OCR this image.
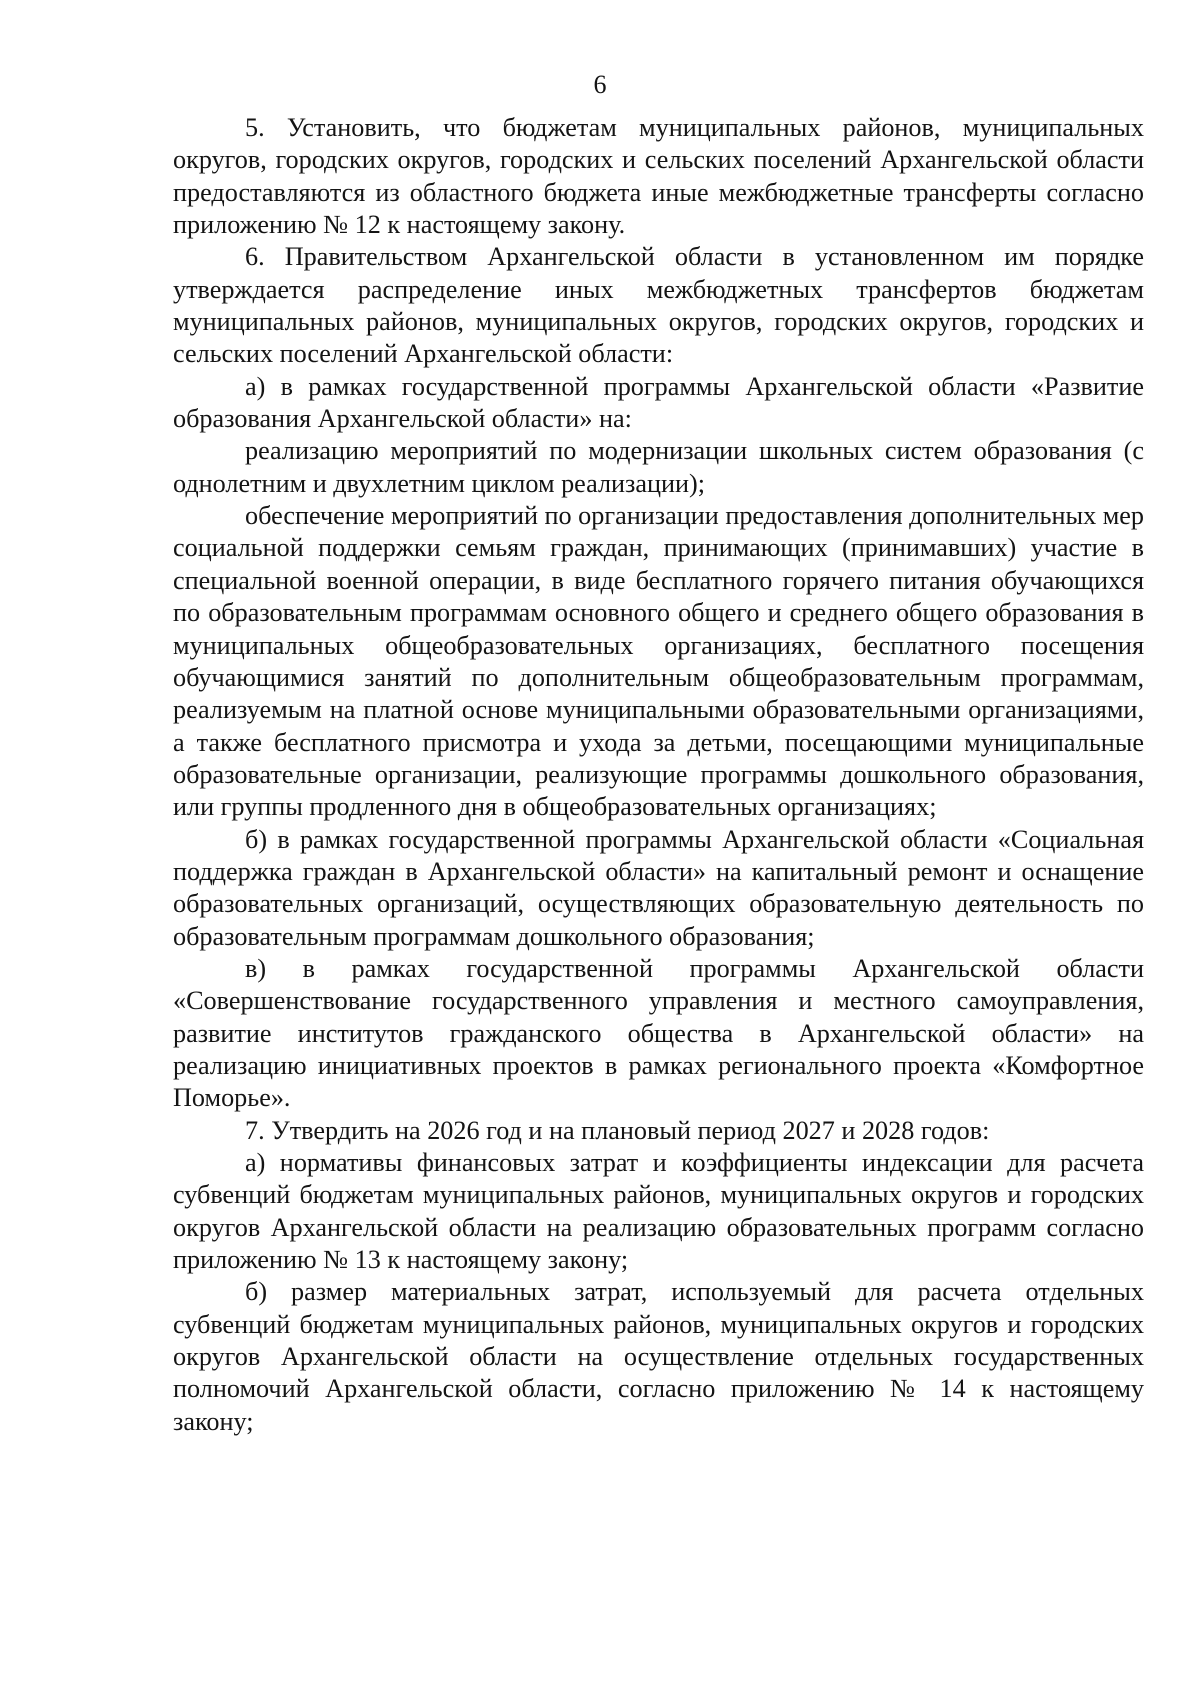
6

5. Установить, что бюджетам муниципальных районов, муниципальных округов, городских округов, городских и сельских поселений Архангельской области предоставляются из областного бюджета иные межбюджетные трансферты согласно приложению № 12 к настоящему закону.

6. Правительством Архангельской области в установленном им порядке утверждается распределение иных межбюджетных трансфертов бюджетам муниципальных районов, муниципальных округов, городских округов, городских и сельских поселений Архангельской области:

а) в рамках государственной программы Архангельской области «Развитие образования Архангельской области» на:

реализацию мероприятий по модернизации школьных систем образования (с однолетним и двухлетним циклом реализации);

обеспечение мероприятий по организации предоставления дополнительных мер социальной поддержки семьям граждан, принимающих (принимавших) участие в специальной военной операции, в виде бесплатного горячего питания обучающихся по образовательным программам основного общего и среднего общего образования в муниципальных общеобразовательных организациях, бесплатного посещения обучающимися занятий по дополнительным общеобразовательным программам, реализуемым на платной основе муниципальными образовательными организациями, а также бесплатного присмотра и ухода за детьми, посещающими муниципальные образовательные организации, реализующие программы дошкольного образования, или группы продленного дня в общеобразовательных организациях;

б) в рамках государственной программы Архангельской области «Социальная поддержка граждан в Архангельской области» на капитальный ремонт и оснащение образовательных организаций, осуществляющих образовательную деятельность по образовательным программам дошкольного образования;

в) в рамках государственной программы Архангельской области «Совершенствование государственного управления и местного самоуправления, развитие институтов гражданского общества в Архангельской области» на реализацию инициативных проектов в рамках регионального проекта «Комфортное Поморье».

7. Утвердить на 2026 год и на плановый период 2027 и 2028 годов:

а) нормативы финансовых затрат и коэффициенты индексации для расчета субвенций бюджетам муниципальных районов, муниципальных округов и городских округов Архангельской области на реализацию образовательных программ согласно приложению № 13 к настоящему закону;

б) размер материальных затрат, используемый для расчета отдельных субвенций бюджетам муниципальных районов, муниципальных округов и городских округов Архангельской области на осуществление отдельных государственных полномочий Архангельской области, согласно приложению № 14 к настоящему закону;
